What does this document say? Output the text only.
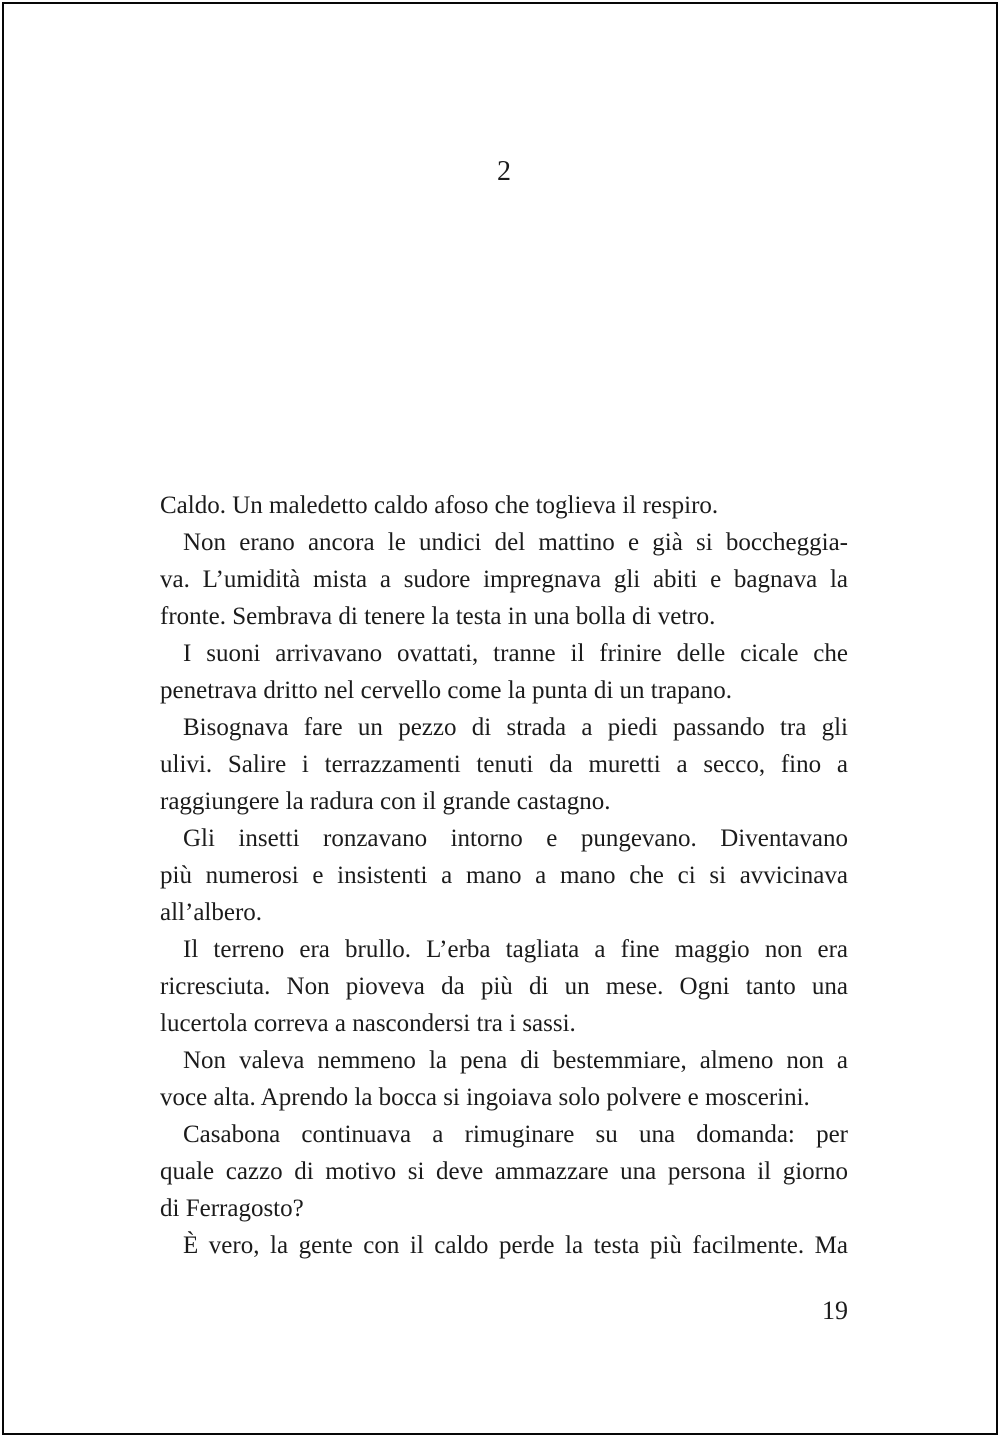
2
Caldo. Un maledetto caldo afoso che toglieva il respiro.
Non erano ancora le undici del mattino e già si boccheggia-
va. L’umidità mista a sudore impregnava gli abiti e bagnava la
fronte. Sembrava di tenere la testa in una bolla di vetro.
I suoni arrivavano ovattati, tranne il frinire delle cicale che
penetrava dritto nel cervello come la punta di un trapano.
Bisognava fare un pezzo di strada a piedi passando tra gli
ulivi. Salire i terrazzamenti tenuti da muretti a secco, fino a
raggiungere la radura con il grande castagno.
Gli insetti ronzavano intorno e pungevano. Diventavano
più numerosi e insistenti a mano a mano che ci si avvicinava
all’albero.
Il terreno era brullo. L’erba tagliata a fine maggio non era
ricresciuta. Non pioveva da più di un mese. Ogni tanto una
lucertola correva a nascondersi tra i sassi.
Non valeva nemmeno la pena di bestemmiare, almeno non a
voce alta. Aprendo la bocca si ingoiava solo polvere e moscerini.
Casabona continuava a rimuginare su una domanda: per
quale cazzo di motivo si deve ammazzare una persona il giorno
di Ferragosto?
È vero, la gente con il caldo perde la testa più facilmente. Ma
19
